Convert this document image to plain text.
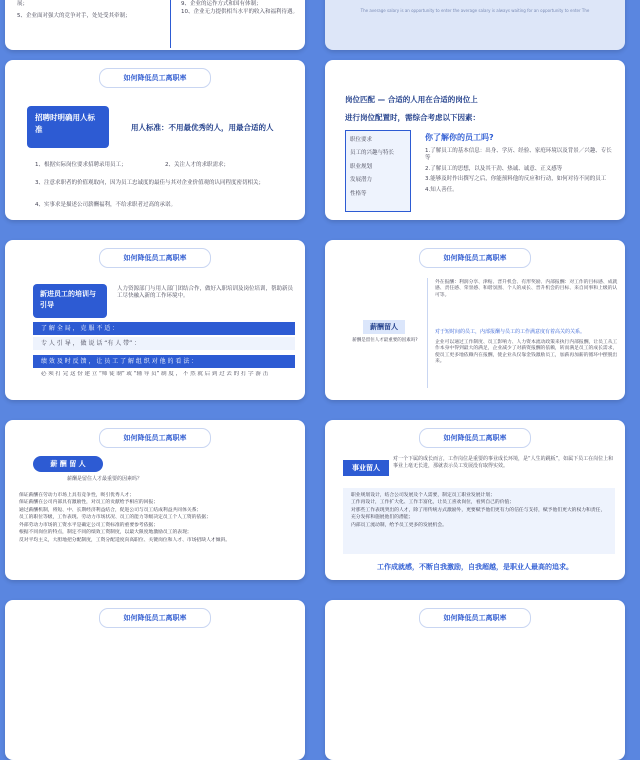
展；
5、企业面对强大的竞争对手，处处受其牵制；
9、企业的运作方式和国有体制；
10、企业无力提供相当水平的收入和福利待遇。	The average salary is an opportunity to enter the average salary is always waiting for an opportunity to enter The
如何降低员工离职率
招聘时明确用人标准	用人标准：不用最优秀的人，用最合适的人
1、根据实际岗位要求招聘录用员工；	2、关注人才的求职需求；
3、注意求职者的价值观取向，因为员工忠诚度的最佳与其对企业价值观的认同程度密切相关；
4、实事求是描述公司薪酬福利，不给求职者过高的承诺。
岗位匹配 — 合适的人用在合适的岗位上
进行岗位配置时，需综合考虑以下因素：
职位要求
员工的兴趣与特长
职业规划
发展潜力
性格等
你了解你的员工吗?
1.了解员工的基本信息：出身、学历、经验、家庭环境以及背景／兴趣、专长等
2.了解员工的思想，以及其干劲、热诚、诚意、正义感等
3.能够及时作出撰写之后，你能预料他的反应和行动，如何对待不同的员工
4.知人善任。
如何降低员工离职率
新进员工的培训与引导
人力资源部门与用人部门团结合作，做好入职培训及岗位培训，帮助新员工尽快融入新的工作环境中。
了 解 全 局 ， 克 服 不 适 ：
专 人 引 导 ， 做 说 话 “有 人 带” ：
绩 效 及 时 反 馈 ， 让 员 工 了 解 组 织 对 他 的 看 法 ：
必 须 打 完 这 份 建 立 “师 徒 制” 或 “辅 导 员” 制 度 ， 不 然 就 后 到 过 去 的 打 字 游 击
如何降低员工离职率
薪酬留人
薪酬是留住人才最重要的因素吗?
外在报酬：利润分享、津贴、晋升机会、有形奖励、内部报酬：对工作的目标感、成就感、责任感、荣誉感、和谐氛围、个人的成长、晋升机会的目标、来自同事和上级的认可等。
对于短时间的员工，内部报酬与员工的工作满意度有着高关的关系。
企业可以通过工作制度、员工影响力、人力资本流动政策来执行内部报酬，让员工从工作本身中得到最大的满足，企业减少了对薪资报酬的依赖，转而满足员工的成长需求，使员工更多地依赖内在报酬，使企业从仅靠金钱激励员工，加薪再加薪的循环中摆脱出来。
如何降低员工离职率
薪 酬 留 人
薪酬是留住人才最重要的因素吗？
保证薪酬在劳动力市场上具有竞争性，吸引优秀人才；
保证薪酬在公司内部具有激励性，对员工的贡献给予相应的回报；
通过薪酬机制，将短、中、长期经济利益结合，促进公司与员工结成利益共同体关系；
员工的职位等级，工作表现、劳动力市场状况、员工的能力等级决定员工个人工资的依据；
外部劳动力市场的工资水平是确定公司工资标准的重要参考依据；
根据不同岗位的特点，制定不同的绩效工资制度，以最大限度地激励员工的表现；
反对平均主义，大胆地把分配制度，工资分配适度向高职位、关键岗位和人才、市场招缺人才倾斜。
如何降低员工离职率
事业留人
对一个下属的成长而言，工作岗位是重要的事业成长环境，是“人生的跳板”，如属下员工在岗位上和事业上毫无长进，那就表示员工发展没有取得实效。
职业规划设计，结合公司发展及个人需要，制定员工职业发展计划；
工作再设计，工作扩大化、工作丰富化，让员工喜欢岗位，看到自己的价值；
对那些工作表现突出的人才，除了用传统方式激励外，更要赋予他们更有力的信任与支持，赋予他们更大的权力和责任，充分发挥和施展他们的潜能；
内部员工流动制，给予员工更多的发展机会。
工作成就感，不断自我激励，自我超越，是职业人最高的追求。
如何降低员工离职率	如何降低员工离职率
